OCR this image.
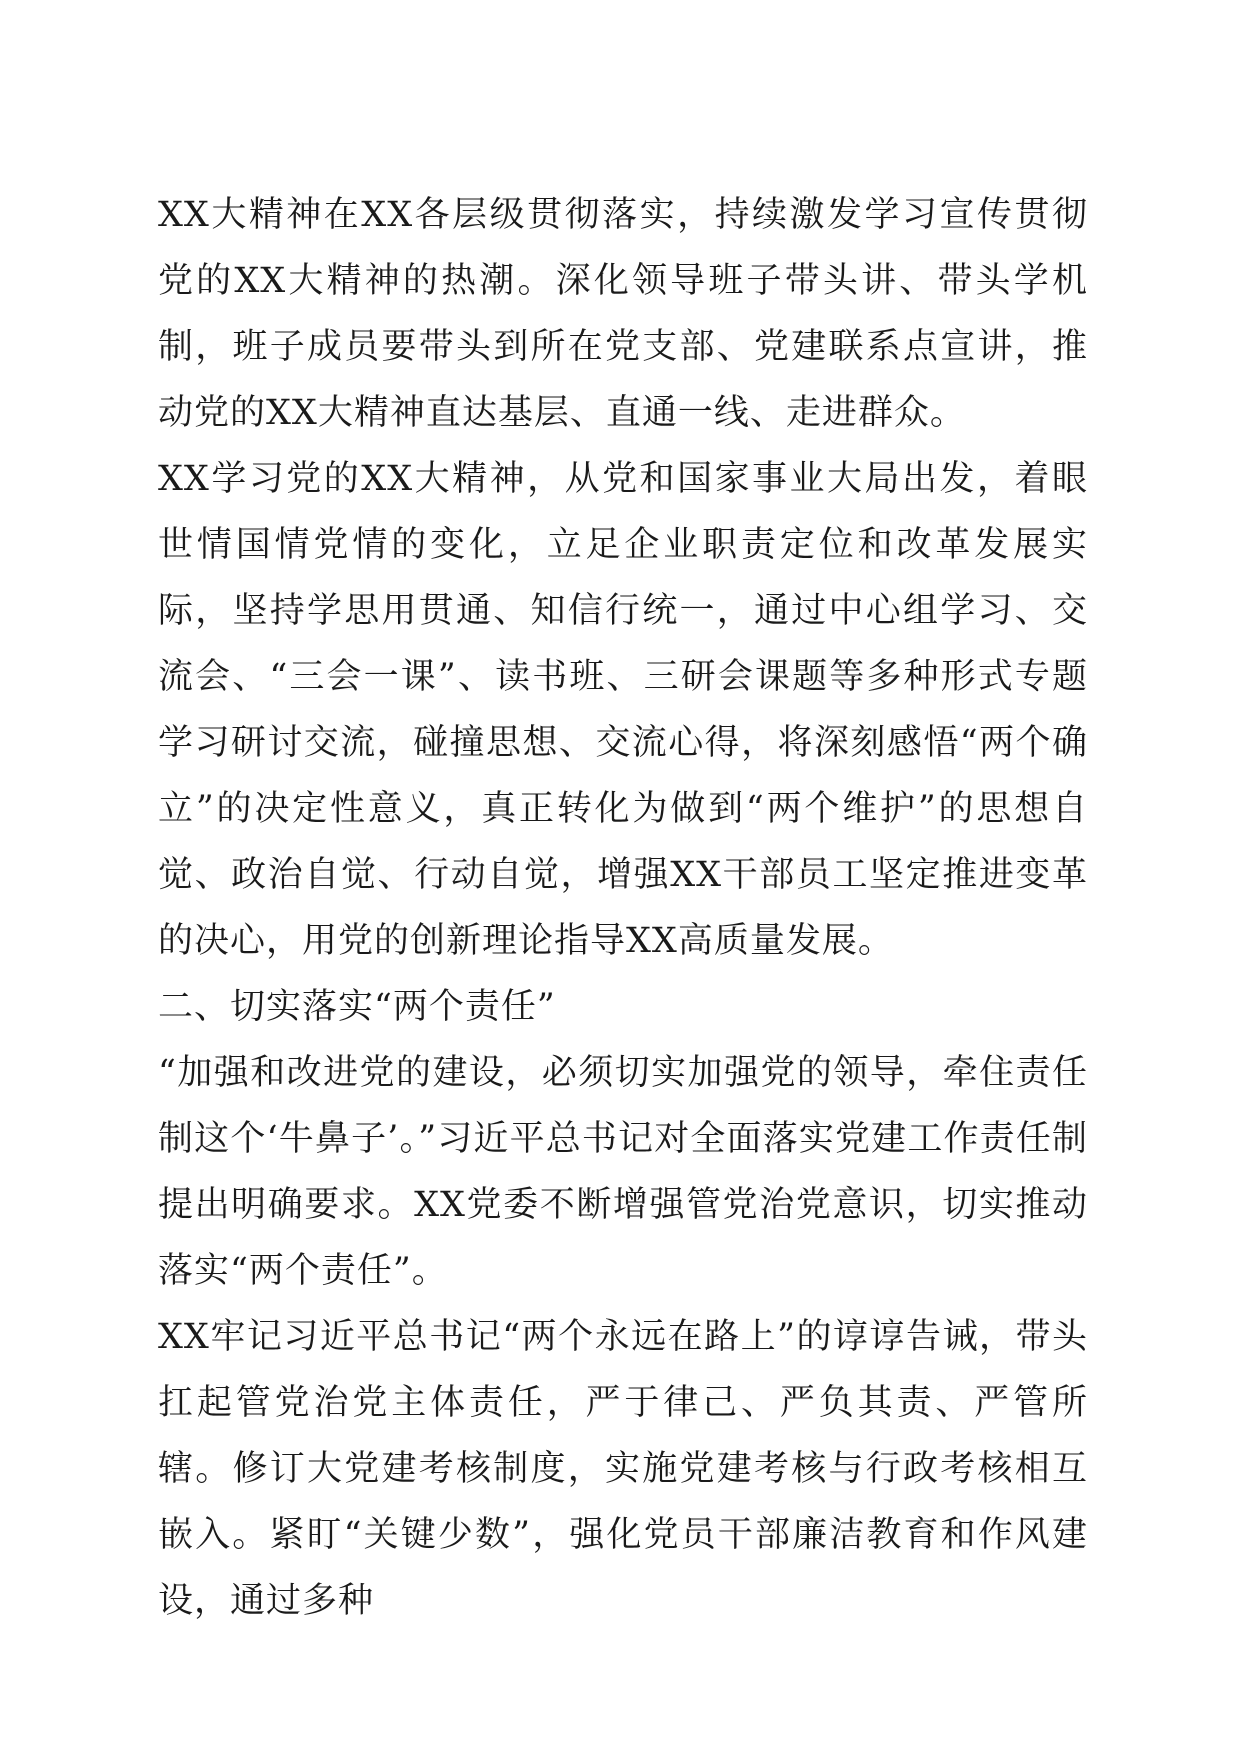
XX大精神在XX各层级贯彻落实，持续激发学习宣传贯彻党的XX大精神的热潮。深化领导班子带头讲、带头学机制，班子成员要带头到所在党支部、党建联系点宣讲，推动党的XX大精神直达基层、直通一线、走进群众。

XX学习党的XX大精神，从党和国家事业大局出发，着眼世情国情党情的变化，立足企业职责定位和改革发展实际，坚持学思用贯通、知信行统一，通过中心组学习、交流会、“三会一课”、读书班、三研会课题等多种形式专题学习研讨交流，碰撞思想、交流心得，将深刻感悟“两个确立”的决定性意义，真正转化为做到“两个维护”的思想自觉、政治自觉、行动自觉，增强XX干部员工坚定推进变革的决心，用党的创新理论指导XX高质量发展。

二、切实落实“两个责任”

“加强和改进党的建设，必须切实加强党的领导，牵住责任制这个‘牛鼻子’。”习近平总书记对全面落实党建工作责任制提出明确要求。XX党委不断增强管党治党意识，切实推动落实“两个责任”。

XX牢记习近平总书记“两个永远在路上”的谆谆告诫，带头扛起管党治党主体责任，严于律己、严负其责、严管所辖。修订大党建考核制度，实施党建考核与行政考核相互嵌入。紧盯“关键少数”，强化党员干部廉洁教育和作风建设，通过多种
